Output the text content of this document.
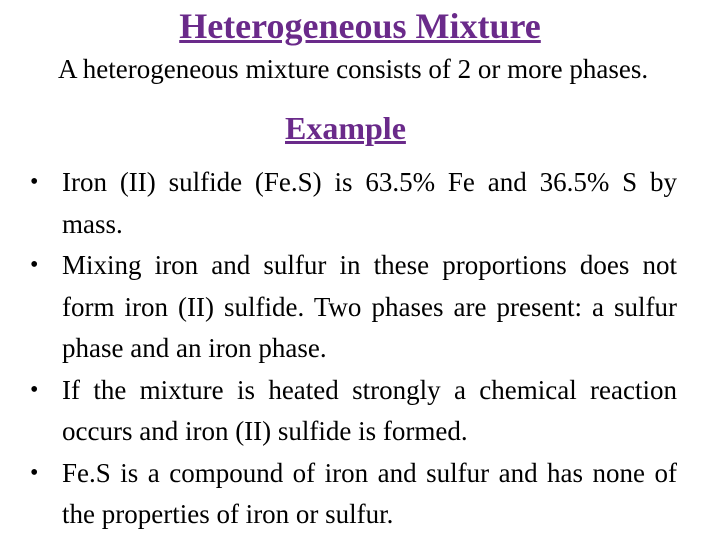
Heterogeneous Mixture
A heterogeneous mixture consists of 2 or more phases.
Example
• Iron (II) sulfide (Fe.S) is 63.5% Fe and 36.5% S by mass.
• Mixing iron and sulfur in these proportions does not form iron (II) sulfide. Two phases are present: a sulfur phase and an iron phase.
• If the mixture is heated strongly a chemical reaction occurs and iron (II) sulfide is formed.
• Fe.S is a compound of iron and sulfur and has none of the properties of iron or sulfur.
